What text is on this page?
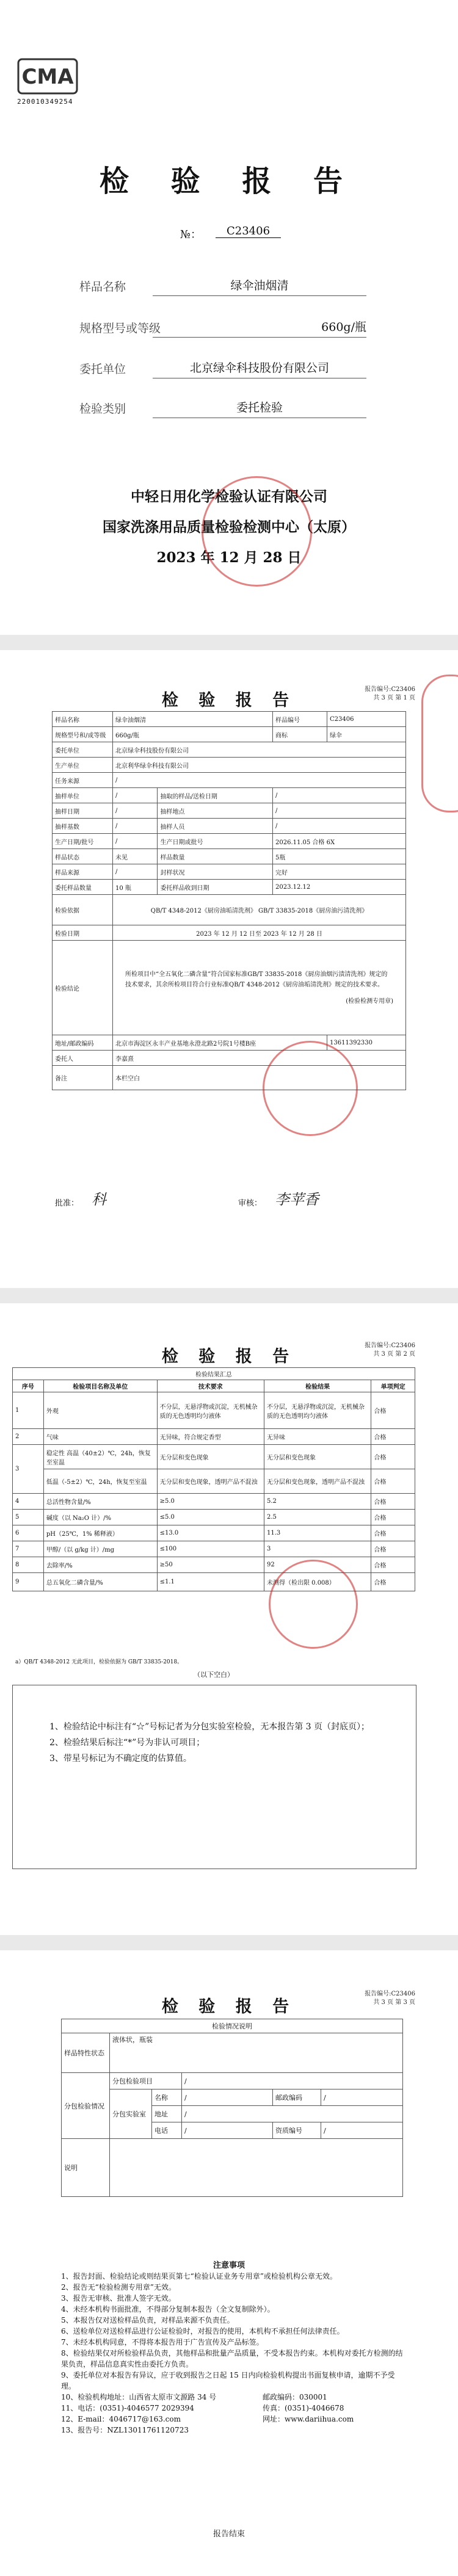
CMA
220010349254
检 验 报 告
№：	C23406
样品名称	绿伞油烟清
规格型号或等级	660g/瓶
委托单位	北京绿伞科技股份有限公司
检验类别	委托检验
中轻日用化学检验认证有限公司
国家洗涤用品质量检验检测中心（太原）
2023 年 12 月 28 日
检 验 报 告
报告编号:C23406
共 3 页 第 1 页
样品名称	绿伞油烟清		样品编号	C23406
规格型号和/或等级	660g/瓶		商标	绿伞
委托单位	北京绿伞科技股份有限公司			
生产单位	北京利华绿伞科技有限公司			
任务来源	/			
抽样单位	/	抽取的样品/送检日期	/	
抽样日期	/	抽样地点	/	
抽样基数	/	抽样人员	/	
生产日期/批号	/	生产日期或批号	2026.11.05 合格 6X	
样品状态	未见	样品数量	5瓶	
样品来源	/	封样状况	完好	
委托样品数量	10 瓶	委托样品收到日期	2023.12.12	
检验依据	QB/T 4348-2012《厨房油垢清洗剂》 GB/T 33835-2018《厨房油污清洗剂》			
检验日期	2023 年 12 月 12 日至 2023 年 12 月 28 日			
检验结论	所检项目中“全五氧化二磷含量”符合国家标准GB/T 33835-2018《厨房油烟污渍清洗剂》规定的技术要求，其余所检项目符合行业标准QB/T 4348-2012《厨房油垢清洗剂》规定的技术要求。
(检验检测专用章)			

地址/邮政编码	北京市海淀区永丰产业基地永澄北路2号院1号楼B座			13611392330
委托人	李嘉熹			
备注	本栏空白			
批准： 科	审核： 李苹香
检 验 报 告
报告编号:C23406
共 3 页 第 2 页
检验结果汇总				
序号	检验项目名称及单位	技术要求	检验结果	单项判定
1	外观	不分层，无悬浮物或沉淀，无机械杂质的无色透明均匀液体	不分层，无悬浮物或沉淀，无机械杂质的无色透明均匀液体	合格
2	气味	无异味，符合规定香型	无异味	合格
3	稳定性 高温（40±2）℃，24h，恢复至室温	无分层和变色现象	无分层和变色现象	合格
	低温（-5±2）℃，24h，恢复至室温	无分层和变色现象，透明产品不混浊	无分层和变色现象，透明产品不混浊	合格
4	总活性物含量/%	≥5.0	5.2	合格
5	碱度（以 Na₂O 计）/%	≤5.0	2.5	合格
6	pH（25℃，1% 稀释液）	≤13.0	11.3	合格
7	甲醇/（以 g/kg 计）/mg	≤100	3	合格
8	去除率/%	≥50	92	合格
9	总五氧化二磷含量/%	≤1.1	未测得（检出限 0.008）	合格
a）QB/T 4348-2012 无此项目，检验依据为 GB/T 33835-2018。
（以下空白）
1、检验结论中标注有“☆”号标记者为分包实验室检验，无本报告第 3 页（封底页）；
2、检验结果后标注“*”号为非认可项目；
3、带星号标记为不确定度的估算值。
检 验 报 告
报告编号:C23406
共 3 页 第 3 页
检验情况说明					
样品特性状态	液体状，瓶装				
分包检验情况	分包检验项目		/		
	分包实验室	名称	/	邮政编码	/
		地址	/		
		电话	/	资质编号	/
说明					
注意事项
1、报告封面、检验结论或则结果页第七“检验认证业务专用章”或检验机构公章无效。
2、报告无“检验检测专用章”无效。
3、报告无审核、批准人签字无效。
4、未经本机构书面批准，不得部分复制本报告（全文复制除外）。
5、本报告仅对送检样品负责，对样品来源不负责任。
6、送检单位对送检样品进行公证检验时，对报告的使用，本机构不承担任何法律责任。
7、未经本机构同意，不得将本报告用于广告宣传及产品标签。
8、检验结果仅对所检验样品负责，其他样品和批量产品质量，不受本报告约束。本机构对委托方检测的结果负责，样品信息真实性由委托方负责。
9、委托单位对本报告有异议，应于收到报告之日起 15 日内向检验机构提出书面复核申请，逾期不予受理。
10、检验机构地址：山西省太原市文源路 34 号	邮政编码：030001
11、电话：(0351)-4046577 2029394	传真：(0351)-4046678
12、E-mail：4046717@163.com	网址：www.dariihua.com
13、报告号：NZL13011761120723
报告结束
